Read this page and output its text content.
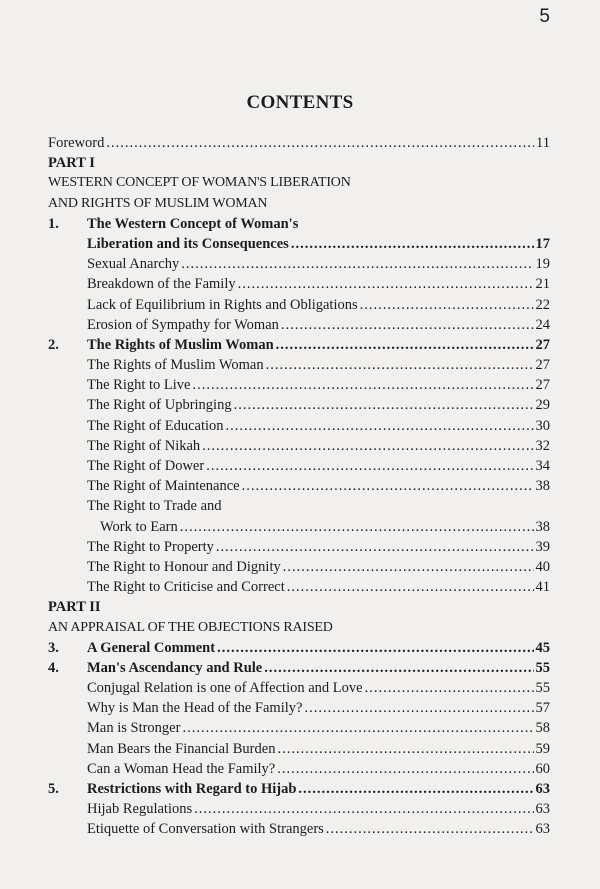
5
CONTENTS
Foreword .....	11
PART I
WESTERN CONCEPT OF WOMAN'S LIBERATION
AND RIGHTS OF MUSLIM WOMAN
1.	The Western Concept of Woman's
Liberation and its Consequences .....	17
Sexual Anarchy .....	19
Breakdown of the Family .....	21
Lack of Equilibrium in Rights and Obligations .....	22
Erosion of Sympathy for Woman .....	24
2.	The Rights of Muslim Woman .....	27
The Rights of Muslim Woman .....	27
The Right to Live .....	27
The Right of Upbringing .....	29
The Right of Education .....	30
The Right of Nikah .....	32
The Right of Dower .....	34
The Right of Maintenance .....	38
The Right to Trade and
Work to Earn .....	38
The Right to Property .....	39
The Right to Honour and Dignity .....	40
The Right to Criticise and Correct .....	41
PART II
AN APPRAISAL OF THE OBJECTIONS RAISED
3.	A General Comment .....	45
4.	Man's Ascendancy and Rule .....	55
Conjugal Relation is one of Affection and Love .....	55
Why is Man the Head of the Family? .....	57
Man is Stronger .....	58
Man Bears the Financial Burden .....	59
Can a Woman Head the Family? .....	60
5.	Restrictions with Regard to Hijab .....	63
Hijab Regulations .....	63
Etiquette of Conversation with Strangers .....	63
